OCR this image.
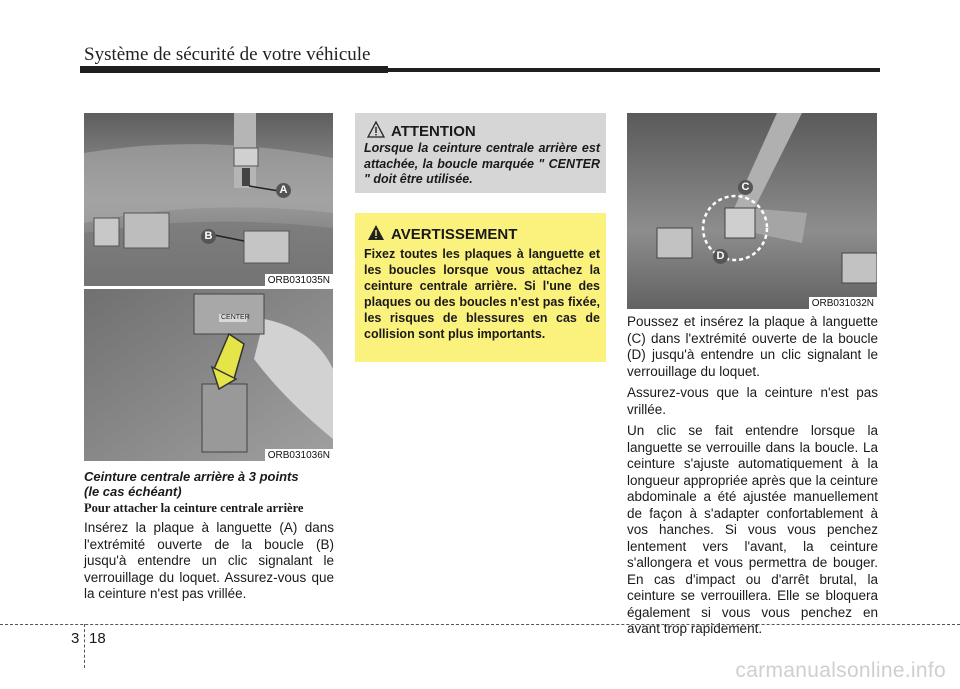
Système de sécurité de votre véhicule
A
B
ORB031035N
CENTER
ORB031036N
Ceinture centrale arrière à 3 points
(le cas échéant)
Pour attacher la ceinture centrale arrière
Insérez la plaque à languette (A) dans l'extrémité ouverte de la boucle (B) jusqu'à entendre un clic signalant le verrouillage du loquet. Assurez-vous que la ceinture n'est pas vrillée.
ATTENTION
Lorsque la ceinture centrale arrière est attachée, la boucle marquée " CENTER " doit être utilisée.
AVERTISSEMENT
Fixez toutes les plaques à languette et les boucles lorsque vous attachez la ceinture centrale arrière. Si l'une des plaques ou des boucles n'est pas fixée, les risques de blessures en cas de collision sont plus importants.
C
D
ORB031032N

Poussez et insérez la plaque à languette (C) dans l'extrémité ouverte de la boucle (D) jusqu'à entendre un clic signalant le verrouillage du loquet.

Assurez-vous que la ceinture n'est pas vrillée.

Un clic se fait entendre lorsque la languette se verrouille dans la boucle. La ceinture s'ajuste automatiquement à la longueur appropriée après que la ceinture abdominale a été ajustée manuellement de façon à s'adapter confortablement à vos hanches. Si vous vous penchez lentement vers l'avant, la ceinture s'allongera et vous permettra de bouger. En cas d'impact ou d'arrêt brutal, la ceinture se verrouillera. Elle se bloquera également si vous vous penchez en avant trop rapidement.

3 18
carmanualsonline.info
